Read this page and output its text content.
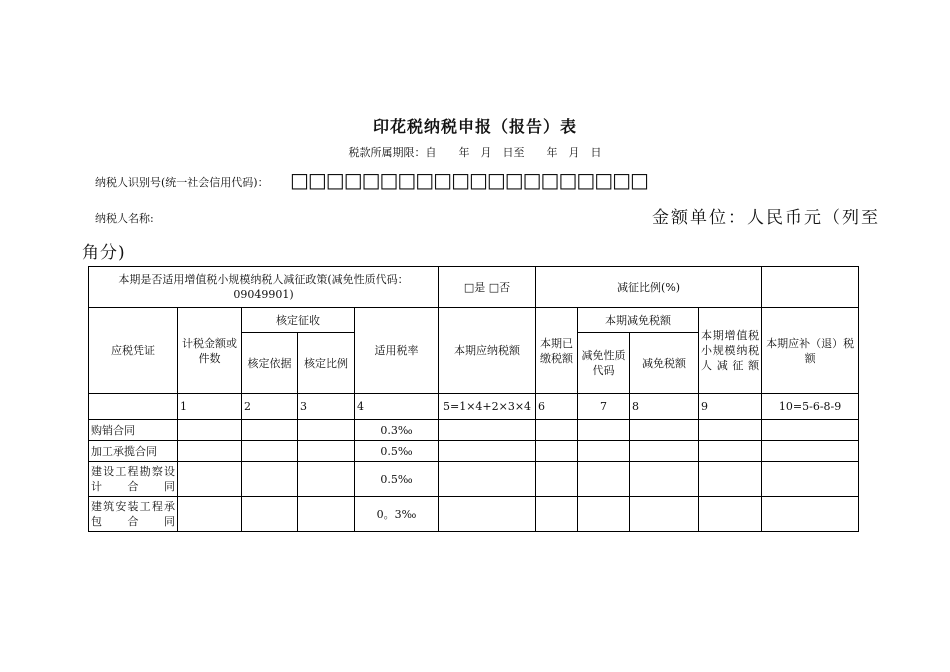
印花税纳税申报（报告）表
税款所属期限：自　　年　月　日至　　年　月　日
纳税人识别号(统一社会信用代码)： □□□□□□□□□□□□□□□□□□□□
纳税人名称:	金额单位：人民币元（列至
角分)
本期是否适用增值税小规模纳税人减征政策(减免性质代码：09049901)					□是 □否	减征比例(%)				
应税凭证	计税金额或件数	核定征收		适用税率	本期应纳税额	本期已缴税额	本期减免税额		本期增值税小规模纳税人减征额	本期应补（退）税额
		核定依据	核定比例				减免性质代码	减免税额		
	1	2	3	4	5=1×4+2×3×4	6	7	8	9	10=5-6-8-9
购销合同				0.3‰						
加工承揽合同				0.5‰						

建设工程勘察设计合同				0.5‰						

建筑安装工程承包合同				0。3‰						
